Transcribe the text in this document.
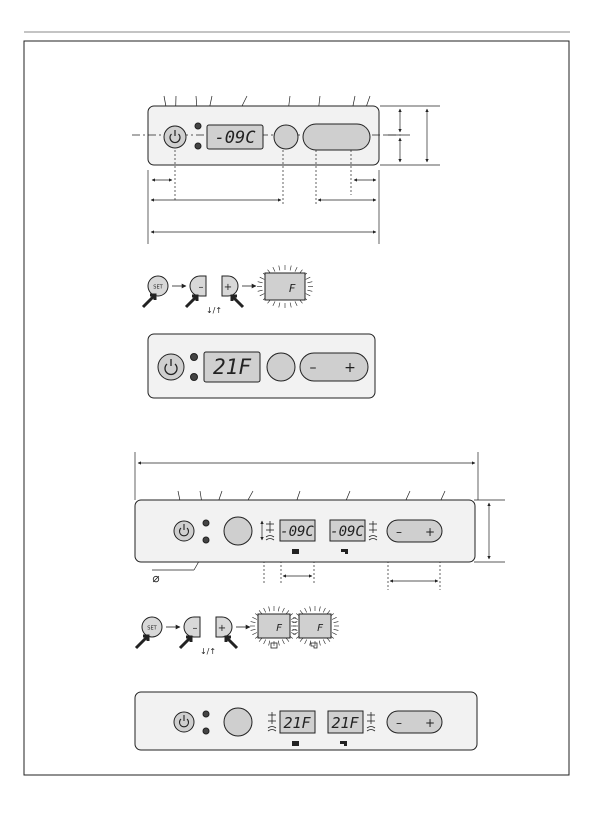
-09C
SET	– +
↓/↑
F
21F	– +
-09C -09C	– +
⌀
SET	– +
↓/↑
F	F
21F 21F	– +
